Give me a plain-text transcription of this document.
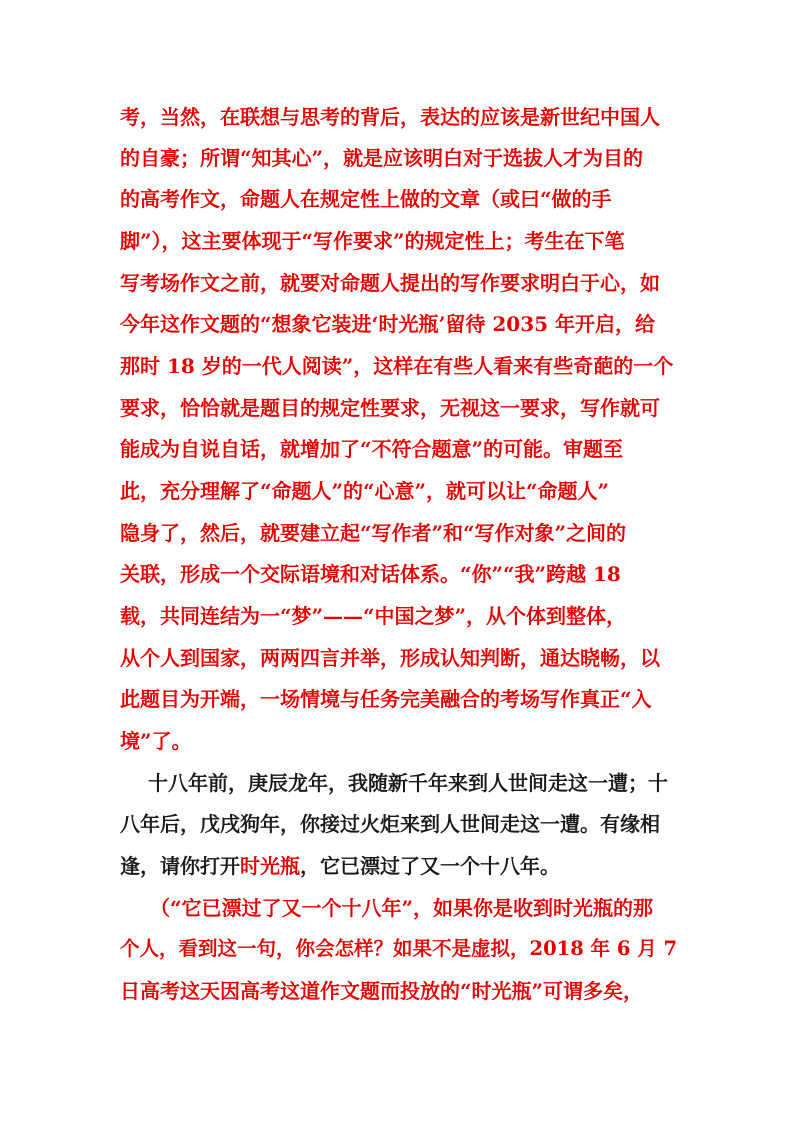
考，当然，在联想与思考的背后，表达的应该是新世纪中国人
的自豪；所谓“知其心”，就是应该明白对于选拔人才为目的
的高考作文，命题人在规定性上做的文章（或曰“做的手
脚”），这主要体现于“写作要求”的规定性上；考生在下笔
写考场作文之前，就要对命题人提出的写作要求明白于心，如
今年这作文题的“想象它装进‘时光瓶’留待 2035 年开启，给
那时 18 岁的一代人阅读”，这样在有些人看来有些奇葩的一个
要求，恰恰就是题目的规定性要求，无视这一要求，写作就可
能成为自说自话，就增加了“不符合题意”的可能。审题至
此，充分理解了“命题人”的“心意”，就可以让“命题人”
隐身了，然后，就要建立起“写作者”和“写作对象”之间的
关联，形成一个交际语境和对话体系。“你”“我”跨越 18
载，共同连结为一“梦”——“中国之梦”，从个体到整体，
从个人到国家，两两四言并举，形成认知判断，通达晓畅，以
此题目为开端，一场情境与任务完美融合的考场写作真正“入
境”了。
十八年前，庚辰龙年，我随新千年来到人世间走这一遭；十
八年后，戊戌狗年，你接过火炬来到人世间走这一遭。有缘相
逢，请你打开时光瓶，它已漂过了又一个十八年。
（“它已漂过了又一个十八年”，如果你是收到时光瓶的那
个人，看到这一句，你会怎样？如果不是虚拟，2018 年 6 月 7
日高考这天因高考这道作文题而投放的“时光瓶”可谓多矣，
